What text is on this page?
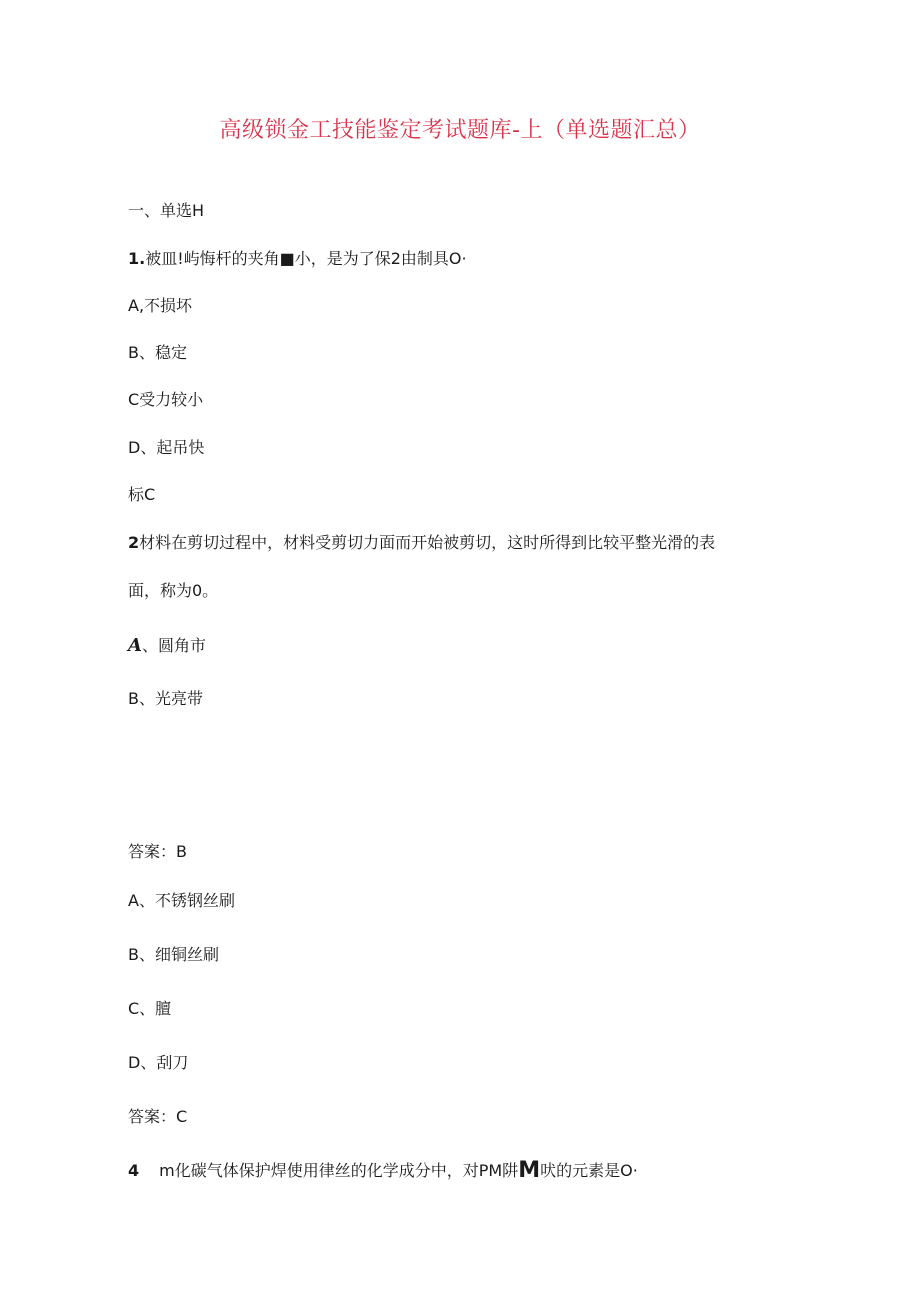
高级锁金工技能鉴定考试题库-上（单选题汇总）
一、单选H
1.被皿!屿悔杆的夹角■小，是为了保2由制具O·
A,不损坏
B、稳定
C受力较小
D、起吊快
标C
2材料在剪切过程中，材料受剪切力面而开始被剪切，这时所得到比较平整光滑的表
面，称为0。
A、圆角市
B、光亮带
答案：B
A、不锈钢丝刷
B、细铜丝刷
C、膻
D、刮刀
答案：C
4 m化碳气体保护焊使用律丝的化学成分中，对PM阱M吠的元素是O·
